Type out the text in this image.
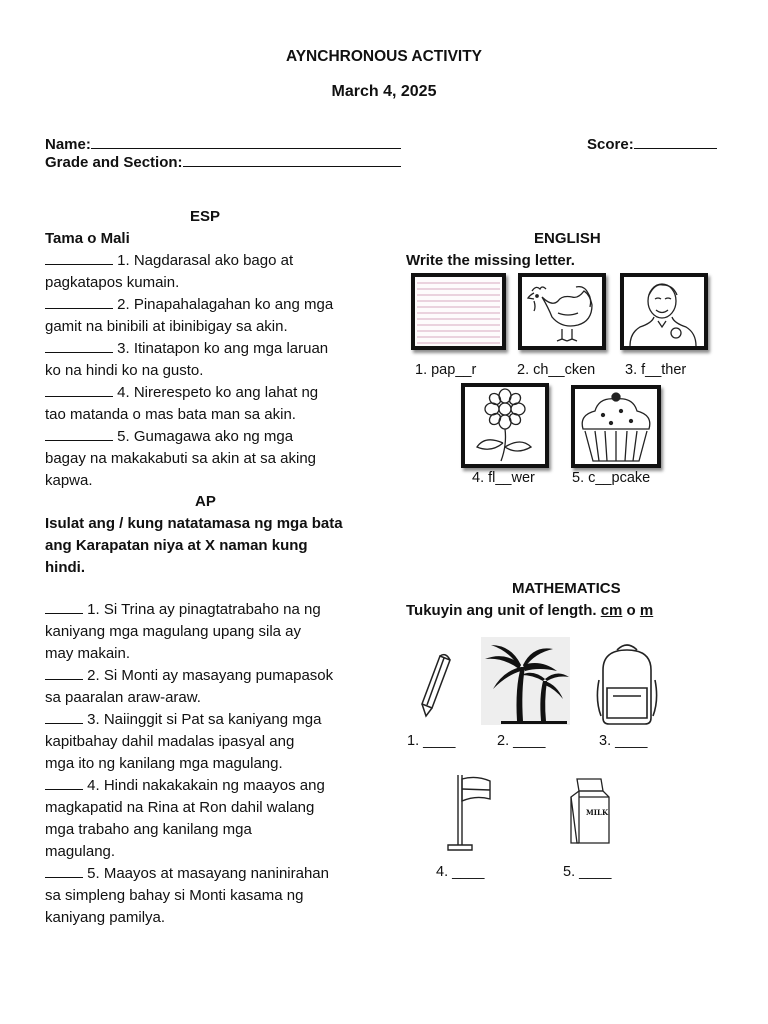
AYNCHRONOUS ACTIVITY
March 4, 2025
Name:	Score:
Grade and Section:
ESP
Tama o Mali
1. Nagdarasal ako bago at
pagkatapos kumain.
2. Pinapahalagahan ko ang mga
gamit na binibili at ibinibigay sa akin.
3. Itinatapon ko ang mga laruan
ko na hindi ko na gusto.
4. Nirerespeto ko ang lahat ng
tao matanda o mas bata man sa akin.
5. Gumagawa ako ng mga
bagay na makakabuti sa akin at sa aking
kapwa.
AP
Isulat ang / kung natatamasa ng mga bata
ang Karapatan niya at X naman kung
hindi.
1. Si Trina ay pinagtatrabaho na ng
kaniyang mga magulang upang sila ay
may makain.
2. Si Monti ay masayang pumapasok
sa paaralan araw-araw.
3. Naiinggit si Pat sa kaniyang mga
kapitbahay dahil madalas ipasyal ang
mga ito ng kanilang mga magulang.
4. Hindi nakakakain ng maayos ang
magkapatid na Rina at Ron dahil walang
mga trabaho ang kanilang mga
magulang.
5. Maayos at masayang naninirahan
sa simpleng bahay si Monti kasama ng
kaniyang pamilya.
ENGLISH
Write the missing letter.
1. pap__r	2. ch__cken 3. f__ther
4. fl__wer	5. c__pcake
MATHEMATICS
Tukuyin ang unit of length. cm o m
1. ____	2. ____	3. ____
MILK
4. ____	5. ____
